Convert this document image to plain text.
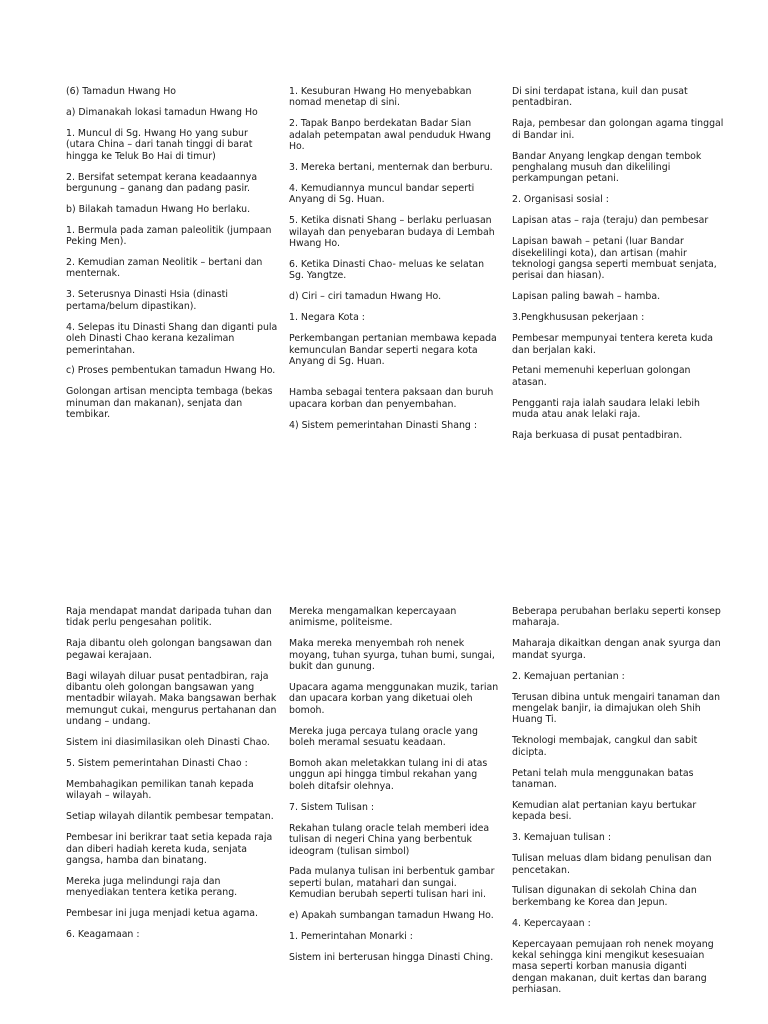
(6) Tamadun Hwang Ho

a) Dimanakah lokasi tamadun Hwang Ho

1. Muncul di Sg. Hwang Ho yang subur (utara China – dari tanah tinggi di barat hingga ke Teluk Bo Hai di timur)

2. Bersifat setempat kerana keadaannya bergunung – ganang dan padang pasir.

b) Bilakah tamadun Hwang Ho berlaku.

1. Bermula pada zaman paleolitik (jumpaan Peking Men).

2. Kemudian zaman Neolitik – bertani dan menternak.

3. Seterusnya Dinasti Hsia (dinasti pertama/belum dipastikan).

4. Selepas itu Dinasti Shang dan diganti pula oleh Dinasti Chao kerana kezaliman pemerintahan.

c) Proses pembentukan tamadun Hwang Ho.

Golongan artisan mencipta tembaga (bekas minuman dan makanan), senjata dan tembikar.

1. Kesuburan Hwang Ho menyebabkan nomad menetap di sini.

2. Tapak Banpo berdekatan Badar Sian adalah petempatan awal penduduk Hwang Ho.

3. Mereka bertani, menternak dan berburu.

4. Kemudiannya muncul bandar seperti Anyang di Sg. Huan.

5. Ketika disnati Shang – berlaku perluasan wilayah dan penyebaran budaya di Lembah Hwang Ho.

6. Ketika Dinasti Chao- meluas ke selatan Sg. Yangtze.

d) Ciri – ciri tamadun Hwang Ho.

1. Negara Kota :

Perkembangan pertanian membawa kepada kemunculan Bandar seperti negara kota Anyang di Sg. Huan.

Hamba sebagai tentera paksaan dan buruh upacara korban dan penyembahan.

4) Sistem pemerintahan Dinasti Shang :

Di sini terdapat istana, kuil dan pusat pentadbiran.

Raja, pembesar dan golongan agama tinggal di Bandar ini.

Bandar Anyang lengkap dengan tembok penghalang musuh dan dikelilingi perkampungan petani.

2. Organisasi sosial :

Lapisan atas – raja (teraju) dan pembesar

Lapisan bawah – petani (luar Bandar disekelilingi kota), dan artisan (mahir teknologi gangsa seperti membuat senjata, perisai dan hiasan).

Lapisan paling bawah – hamba.

3.Pengkhususan pekerjaan :

Pembesar mempunyai tentera kereta kuda dan berjalan kaki.

Petani memenuhi keperluan golongan atasan.

Pengganti raja ialah saudara lelaki lebih muda atau anak lelaki raja.

Raja berkuasa di pusat pentadbiran.

Raja mendapat mandat daripada tuhan dan tidak perlu pengesahan politik.

Raja dibantu oleh golongan bangsawan dan pegawai kerajaan.

Bagi wilayah diluar pusat pentadbiran, raja dibantu oleh golongan bangsawan yang mentadbir wilayah. Maka bangsawan berhak memungut cukai, mengurus pertahanan dan undang – undang.

Sistem ini diasimilasikan oleh Dinasti Chao.

5. Sistem pemerintahan Dinasti Chao :

Membahagikan pemilikan tanah kepada wilayah – wilayah.

Setiap wilayah dilantik pembesar tempatan.

Pembesar ini berikrar taat setia kepada raja dan diberi hadiah kereta kuda, senjata gangsa, hamba dan binatang.

Mereka juga melindungi raja dan menyediakan tentera ketika perang.

Pembesar ini juga menjadi ketua agama.

6. Keagamaan :

Mereka mengamalkan kepercayaan animisme, politeisme.

Maka mereka menyembah roh nenek moyang, tuhan syurga, tuhan bumi, sungai, bukit dan gunung.

Upacara agama menggunakan muzik, tarian dan upacara korban yang diketuai oleh bomoh.

Mereka juga percaya tulang oracle yang boleh meramal sesuatu keadaan.

Bomoh akan meletakkan tulang ini di atas unggun api hingga timbul rekahan yang boleh ditafsir olehnya.

7. Sistem Tulisan :

Rekahan tulang oracle telah memberi idea tulisan di negeri China yang berbentuk ideogram (tulisan simbol)

Pada mulanya tulisan ini berbentuk gambar seperti bulan, matahari dan sungai. Kemudian berubah seperti tulisan hari ini.

e) Apakah sumbangan tamadun Hwang Ho.

1. Pemerintahan Monarki :

Sistem ini berterusan hingga Dinasti Ching.

Beberapa perubahan berlaku seperti konsep maharaja.

Maharaja dikaitkan dengan anak syurga dan mandat syurga.

2. Kemajuan pertanian :

Terusan dibina untuk mengairi tanaman dan mengelak banjir, ia dimajukan oleh Shih Huang Ti.

Teknologi membajak, cangkul dan sabit dicipta.

Petani telah mula menggunakan batas tanaman.

Kemudian alat pertanian kayu bertukar kepada besi.

3. Kemajuan tulisan :

Tulisan meluas dlam bidang penulisan dan pencetakan.

Tulisan digunakan di sekolah China dan berkembang ke Korea dan Jepun.

4. Kepercayaan :

Kepercayaan pemujaan roh nenek moyang kekal sehingga kini mengikut kesesuaian masa seperti korban manusia diganti dengan makanan, duit kertas dan barang perhiasan.
